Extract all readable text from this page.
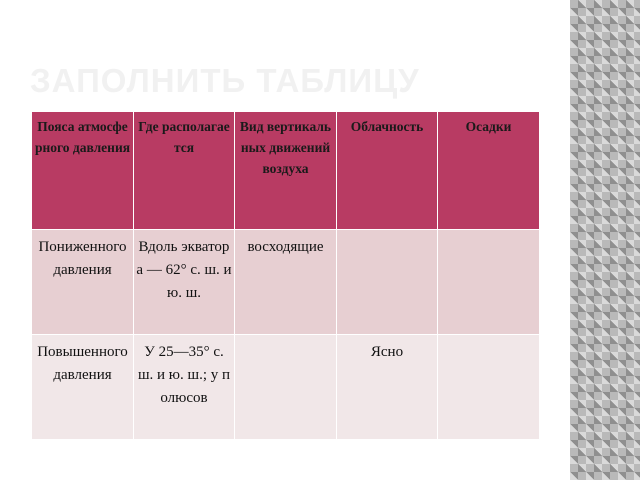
ЗАПОЛНИТЬ ТАБЛИЦУ
Пояса атмосферного давления	Где располагается	Вид вертикальных движений воздуха	Облачность	Осадки
Пониженного давления	Вдоль экватора — 62° с. ш. и ю. ш.	восходящие		
Повышенного давления	У 25—35° с. ш. и ю. ш.; у полюсов		Ясно	
